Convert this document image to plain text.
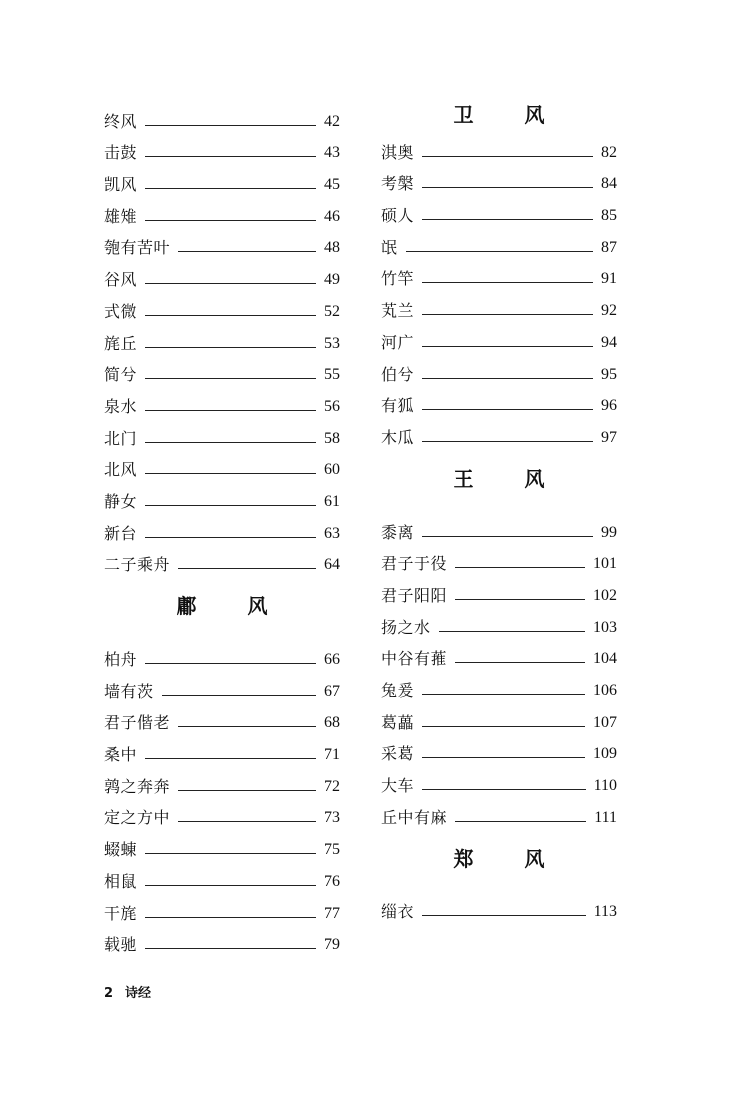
终风	42
击鼓	43
凯风	45
雄雉	46
匏有苦叶	48
谷风	49
式微	52
旄丘	53
简兮	55
泉水	56
北门	58
北风	60
静女	61
新台	63
二子乘舟	64
鄘 风
柏舟	66
墙有茨	67
君子偕老	68
桑中	71
鹑之奔奔	72
定之方中	73
蝃蝀	75
相鼠	76
干旄	77
载驰	79
卫 风
淇奥	82
考槃	84
硕人	85
氓	87
竹竿	91
芄兰	92
河广	94
伯兮	95
有狐	96
木瓜	97
王 风
黍离	99
君子于役	101
君子阳阳	102
扬之水	103
中谷有蓷	104
兔爰	106
葛藟	107
采葛	109
大车	110
丘中有麻	111
郑 风
缁衣	113
2 诗经
